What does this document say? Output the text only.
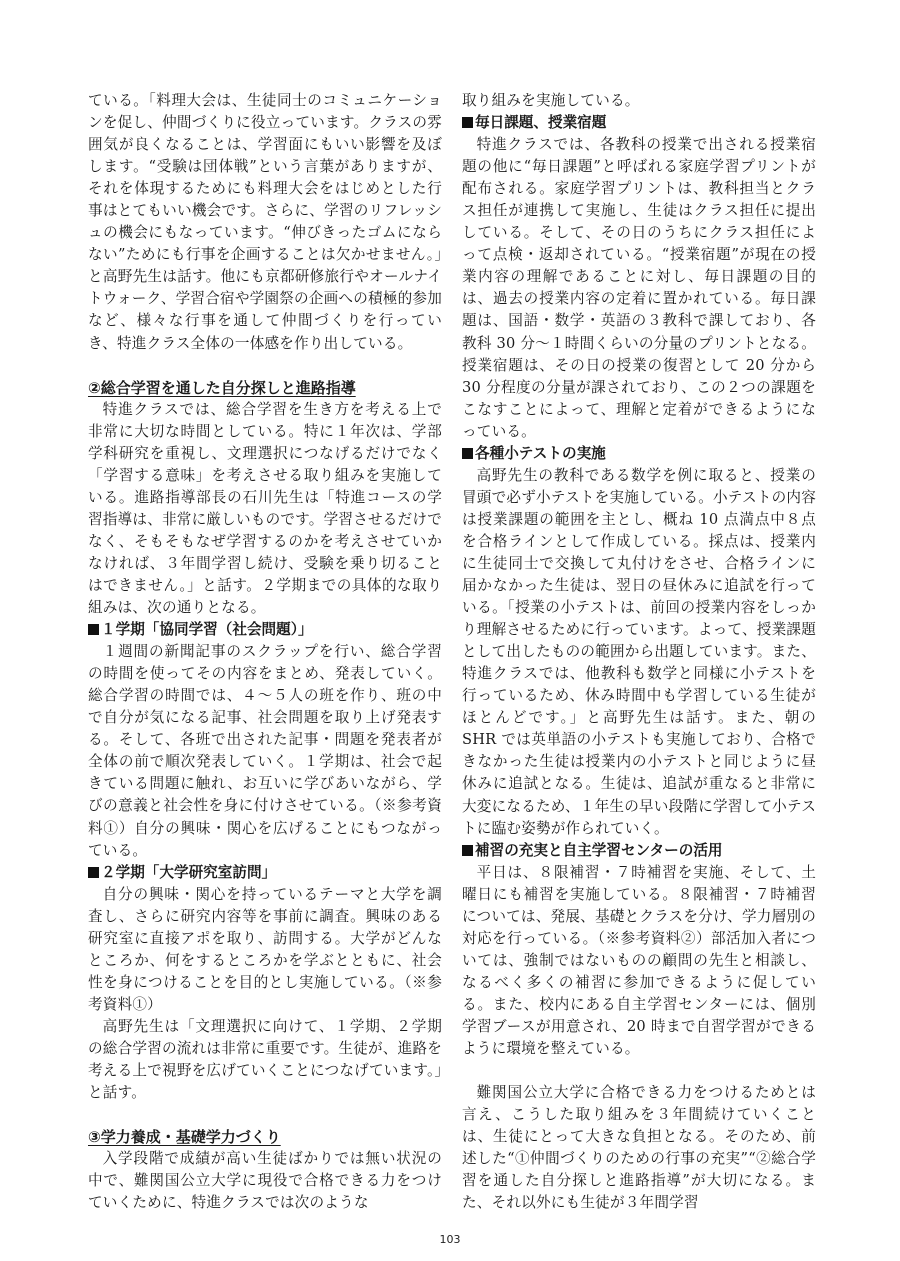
ている。「料理大会は、生徒同士のコミュニケーションを促し、仲間づくりに役立っています。クラスの雰囲気が良くなることは、学習面にもいい影響を及ぼします。“受験は団体戦”という言葉がありますが、それを体現するためにも料理大会をはじめとした行事はとてもいい機会です。さらに、学習のリフレッシュの機会にもなっています。“伸びきったゴムにならない”ためにも行事を企画することは欠かせません。」と高野先生は話す。他にも京都研修旅行やオールナイトウォーク、学習合宿や学園祭の企画への積極的参加など、様々な行事を通して仲間づくりを行っていき、特進クラス全体の一体感を作り出している。

②総合学習を通した自分探しと進路指導

特進クラスでは、総合学習を生き方を考える上で非常に大切な時間としている。特に１年次は、学部学科研究を重視し、文理選択につなげるだけでなく「学習する意味」を考えさせる取り組みを実施している。進路指導部長の石川先生は「特進コースの学習指導は、非常に厳しいものです。学習させるだけでなく、そもそもなぜ学習するのかを考えさせていかなければ、３年間学習し続け、受験を乗り切ることはできません。」と話す。２学期までの具体的な取り組みは、次の通りとなる。

１学期「協同学習（社会問題）」

１週間の新聞記事のスクラップを行い、総合学習の時間を使ってその内容をまとめ、発表していく。総合学習の時間では、４～５人の班を作り、班の中で自分が気になる記事、社会問題を取り上げ発表する。そして、各班で出された記事・問題を発表者が全体の前で順次発表していく。１学期は、社会で起きている問題に触れ、お互いに学びあいながら、学びの意義と社会性を身に付けさせている。（※参考資料①）自分の興味・関心を広げることにもつながっている。

２学期「大学研究室訪問」

自分の興味・関心を持っているテーマと大学を調査し、さらに研究内容等を事前に調査。興味のある研究室に直接アポを取り、訪問する。大学がどんなところか、何をするところかを学ぶとともに、社会性を身につけることを目的とし実施している。（※参考資料①）

高野先生は「文理選択に向けて、１学期、２学期の総合学習の流れは非常に重要です。生徒が、進路を考える上で視野を広げていくことにつなげています。」と話す。

③学力養成・基礎学力づくり

入学段階で成績が高い生徒ばかりでは無い状況の中で、難関国公立大学に現役で合格できる力をつけていくために、特進クラスでは次のような

取り組みを実施している。

毎日課題、授業宿題

特進クラスでは、各教科の授業で出される授業宿題の他に“毎日課題”と呼ばれる家庭学習プリントが配布される。家庭学習プリントは、教科担当とクラス担任が連携して実施し、生徒はクラス担任に提出している。そして、その日のうちにクラス担任によって点検・返却されている。“授業宿題”が現在の授業内容の理解であることに対し、毎日課題の目的は、過去の授業内容の定着に置かれている。毎日課題は、国語・数学・英語の３教科で課しており、各教科 30 分～１時間くらいの分量のプリントとなる。授業宿題は、その日の授業の復習として 20 分から 30 分程度の分量が課されており、この２つの課題をこなすことによって、理解と定着ができるようになっている。

各種小テストの実施

高野先生の教科である数学を例に取ると、授業の冒頭で必ず小テストを実施している。小テストの内容は授業課題の範囲を主とし、概ね 10 点満点中８点を合格ラインとして作成している。採点は、授業内に生徒同士で交換して丸付けをさせ、合格ラインに届かなかった生徒は、翌日の昼休みに追試を行っている。「授業の小テストは、前回の授業内容をしっかり理解させるために行っています。よって、授業課題として出したものの範囲から出題しています。また、特進クラスでは、他教科も数学と同様に小テストを行っているため、休み時間中も学習している生徒がほとんどです。」と高野先生は話す。また、朝の SHR では英単語の小テストも実施しており、合格できなかった生徒は授業内の小テストと同じように昼休みに追試となる。生徒は、追試が重なると非常に大変になるため、１年生の早い段階に学習して小テストに臨む姿勢が作られていく。

補習の充実と自主学習センターの活用

平日は、８限補習・７時補習を実施、そして、土曜日にも補習を実施している。８限補習・７時補習については、発展、基礎とクラスを分け、学力層別の対応を行っている。（※参考資料②）部活加入者については、強制ではないものの顧問の先生と相談し、なるべく多くの補習に参加できるように促している。また、校内にある自主学習センターには、個別学習ブースが用意され、20 時まで自習学習ができるように環境を整えている。

難関国公立大学に合格できる力をつけるためとは言え、こうした取り組みを３年間続けていくことは、生徒にとって大きな負担となる。そのため、前述した“①仲間づくりのための行事の充実”“②総合学習を通した自分探しと進路指導”が大切になる。また、それ以外にも生徒が３年間学習

103
